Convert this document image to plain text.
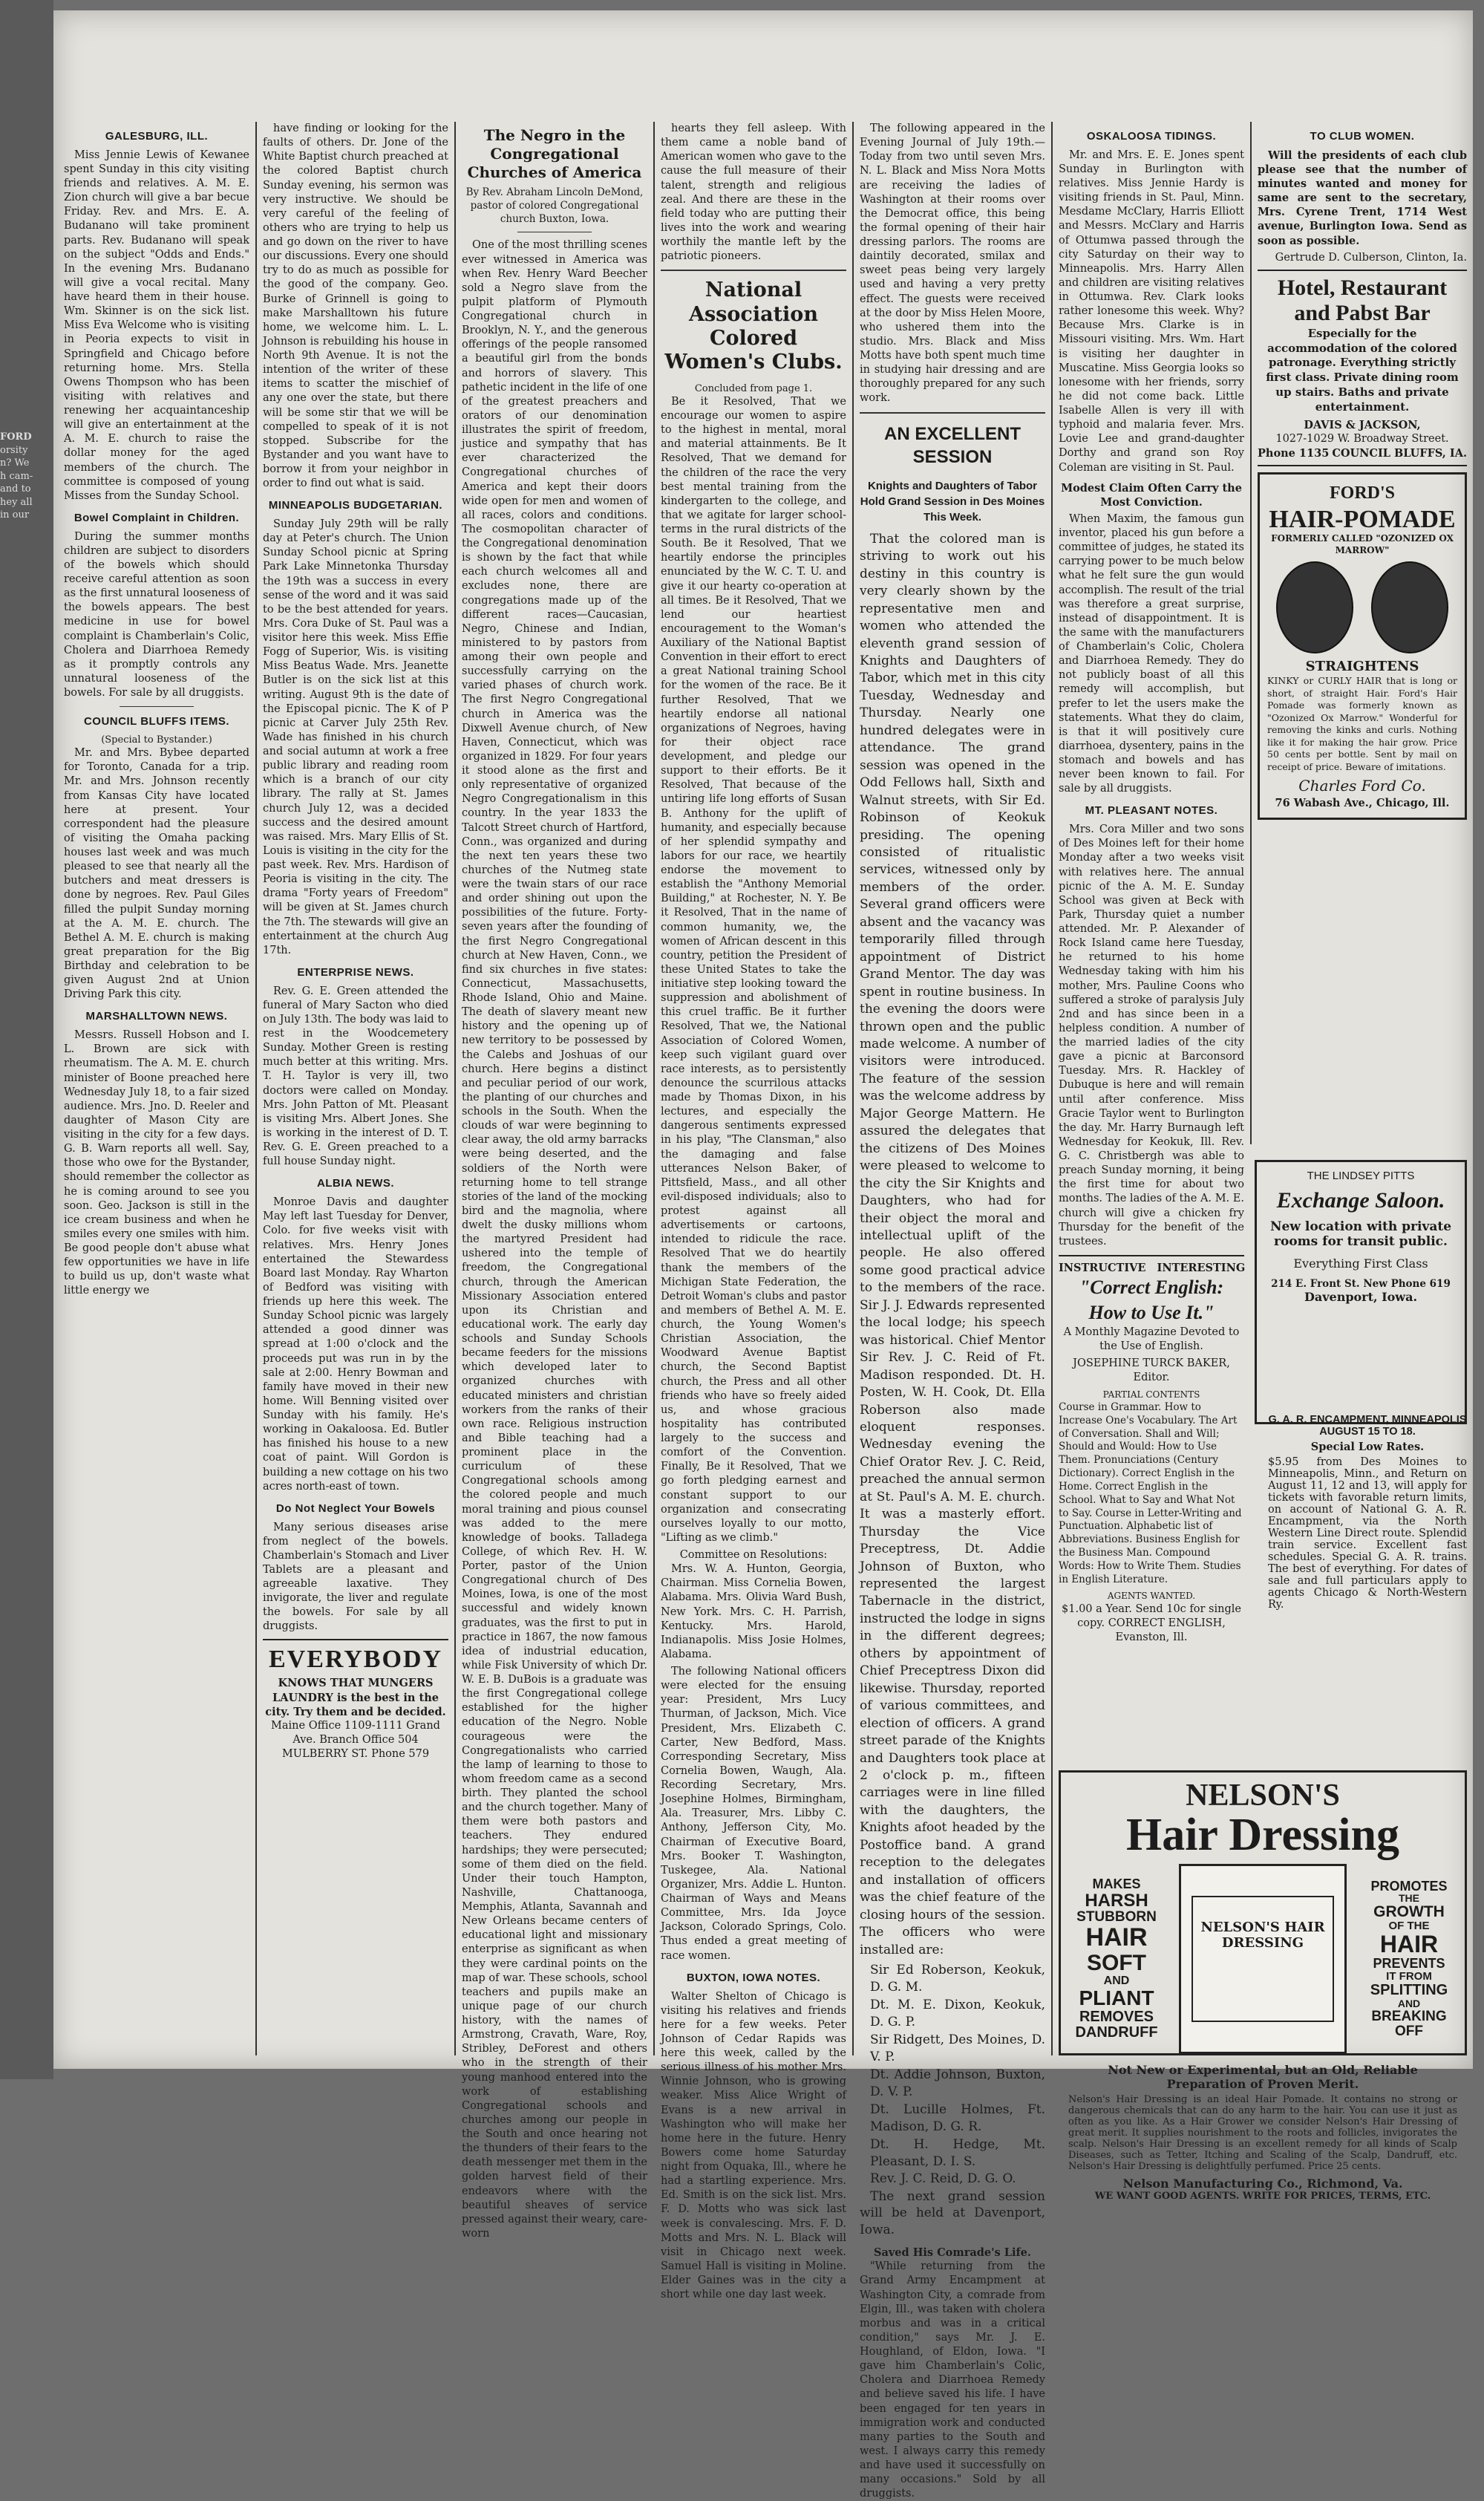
FORD
orsity
n? We
h cam-
and to
hey all
in our
GALESBURG, ILL.

Miss Jennie Lewis of Kewanee spent Sunday in this city visiting friends and relatives. A. M. E. Zion church will give a bar becue Friday. Rev. and Mrs. E. A. Budanano will take prominent parts. Rev. Budanano will speak on the subject "Odds and Ends." In the evening Mrs. Budanano will give a vocal recital. Many have heard them in their house. Wm. Skinner is on the sick list. Miss Eva Welcome who is visiting in Peoria expects to visit in Springfield and Chicago before returning home. Mrs. Stella Owens Thompson who has been visiting with relatives and renewing her acquaintanceship will give an entertainment at the A. M. E. church to raise the dollar money for the aged members of the church. The committee is composed of young Misses from the Sunday School.

Bowel Complaint in Children.

During the summer months children are subject to disorders of the bowels which should receive careful attention as soon as the first unnatural looseness of the bowels appears. The best medicine in use for bowel complaint is Chamberlain's Colic, Cholera and Diarrhoea Remedy as it promptly controls any unnatural looseness of the bowels. For sale by all druggists.

COUNCIL BLUFFS ITEMS.
(Special to Bystander.)

Mr. and Mrs. Bybee departed for Toronto, Canada for a trip. Mr. and Mrs. Johnson recently from Kansas City have located here at present. Your correspondent had the pleasure of visiting the Omaha packing houses last week and was much pleased to see that nearly all the butchers and meat dressers is done by negroes. Rev. Paul Giles filled the pulpit Sunday morning at the A. M. E. church. The Bethel A. M. E. church is making great preparation for the Big Birthday and celebration to be given August 2nd at Union Driving Park this city.

MARSHALLTOWN NEWS.

Messrs. Russell Hobson and I. L. Brown are sick with rheumatism. The A. M. E. church minister of Boone preached here Wednesday July 18, to a fair sized audience. Mrs. Jno. D. Reeler and daughter of Mason City are visiting in the city for a few days. G. B. Warn reports all well. Say, those who owe for the Bystander, should remember the collector as he is coming around to see you soon. Geo. Jackson is still in the ice cream business and when he smiles every one smiles with him. Be good people don't abuse what few opportunities we have in life to build us up, don't waste what little energy we

have finding or looking for the faults of others. Dr. Jone of the White Baptist church preached at the colored Baptist church Sunday evening, his sermon was very instructive. We should be very careful of the feeling of others who are trying to help us and go down on the river to have our discussions. Every one should try to do as much as possible for the good of the company. Geo. Burke of Grinnell is going to make Marshalltown his future home, we welcome him. L. L. Johnson is rebuilding his house in North 9th Avenue. It is not the intention of the writer of these items to scatter the mischief of any one over the state, but there will be some stir that we will be compelled to speak of it is not stopped. Subscribe for the Bystander and you want have to borrow it from your neighbor in order to find out what is said.

MINNEAPOLIS BUDGETARIAN.

Sunday July 29th will be rally day at Peter's church. The Union Sunday School picnic at Spring Park Lake Minnetonka Thursday the 19th was a success in every sense of the word and it was said to be the best attended for years. Mrs. Cora Duke of St. Paul was a visitor here this week. Miss Effie Fogg of Superior, Wis. is visiting Miss Beatus Wade. Mrs. Jeanette Butler is on the sick list at this writing. August 9th is the date of the Episcopal picnic. The K of P picnic at Carver July 25th Rev. Wade has finished in his church and social autumn at work a free public library and reading room which is a branch of our city library. The rally at St. James church July 12, was a decided success and the desired amount was raised. Mrs. Mary Ellis of St. Louis is visiting in the city for the past week. Rev. Mrs. Hardison of Peoria is visiting in the city. The drama "Forty years of Freedom" will be given at St. James church the 7th. The stewards will give an entertainment at the church Aug 17th.

ENTERPRISE NEWS.

Rev. G. E. Green attended the funeral of Mary Sacton who died on July 13th. The body was laid to rest in the Woodcemetery Sunday. Mother Green is resting much better at this writing. Mrs. T. H. Taylor is very ill, two doctors were called on Monday. Mrs. John Patton of Mt. Pleasant is visiting Mrs. Albert Jones. She is working in the interest of D. T. Rev. G. E. Green preached to a full house Sunday night.

ALBIA NEWS.

Monroe Davis and daughter May left last Tuesday for Denver, Colo. for five weeks visit with relatives. Mrs. Henry Jones entertained the Stewardess Board last Monday. Ray Wharton of Bedford was visiting with friends up here this week. The Sunday School picnic was largely attended a good dinner was spread at 1:00 o'clock and the proceeds put was run in by the sale at 2:00. Henry Bowman and family have moved in their new home. Will Benning visited over Sunday with his family. He's working in Oakaloosa. Ed. Butler has finished his house to a new coat of paint. Will Gordon is building a new cottage on his two acres north-east of town.

Do Not Neglect Your Bowels

Many serious diseases arise from neglect of the bowels. Chamberlain's Stomach and Liver Tablets are a pleasant and agreeable laxative. They invigorate, the liver and regulate the bowels. For sale by all druggists.

EVERYBODY
KNOWS THAT MUNGERS LAUNDRY is the best in the city. Try them and be decided.
Maine Office 1109-1111 Grand Ave. Branch Office 504 MULBERRY ST. Phone 579
The Negro in the Congregational Churches of America
By Rev. Abraham Lincoln DeMond, pastor of colored Congregational church Buxton, Iowa.

One of the most thrilling scenes ever witnessed in America was when Rev. Henry Ward Beecher sold a Negro slave from the pulpit platform of Plymouth Congregational church in Brooklyn, N. Y., and the generous offerings of the people ransomed a beautiful girl from the bonds and horrors of slavery. This pathetic incident in the life of one of the greatest preachers and orators of our denomination illustrates the spirit of freedom, justice and sympathy that has ever characterized the Congregational churches of America and kept their doors wide open for men and women of all races, colors and conditions. The cosmopolitan character of the Congregational denomination is shown by the fact that while each church welcomes all and excludes none, there are congregations made up of the different races—Caucasian, Negro, Chinese and Indian, ministered to by pastors from among their own people and successfully carrying on the varied phases of church work. The first Negro Congregational church in America was the Dixwell Avenue church, of New Haven, Connecticut, which was organized in 1829. For four years it stood alone as the first and only representative of organized Negro Congregationalism in this country. In the year 1833 the Talcott Street church of Hartford, Conn., was organized and during the next ten years these two churches of the Nutmeg state were the twain stars of our race and order shining out upon the possibilities of the future. Forty-seven years after the founding of the first Negro Congregational church at New Haven, Conn., we find six churches in five states: Connecticut, Massachusetts, Rhode Island, Ohio and Maine. The death of slavery meant new history and the opening up of new territory to be possessed by the Calebs and Joshuas of our church. Here begins a distinct and peculiar period of our work, the planting of our churches and schools in the South. When the clouds of war were beginning to clear away, the old army barracks were being deserted, and the soldiers of the North were returning home to tell strange stories of the land of the mocking bird and the magnolia, where dwelt the dusky millions whom the martyred President had ushered into the temple of freedom, the Congregational church, through the American Missionary Association entered upon its Christian and educational work. The early day schools and Sunday Schools became feeders for the missions which developed later to organized churches with educated ministers and christian workers from the ranks of their own race. Religious instruction and Bible teaching had a prominent place in the curriculum of these Congregational schools among the colored people and much moral training and pious counsel was added to the mere knowledge of books. Talladega College, of which Rev. H. W. Porter, pastor of the Union Congregational church of Des Moines, Iowa, is one of the most successful and widely known graduates, was the first to put in practice in 1867, the now famous idea of industrial education, while Fisk University of which Dr. W. E. B. DuBois is a graduate was the first Congregational college established for the higher education of the Negro. Noble courageous were the Congregationalists who carried the lamp of learning to those to whom freedom came as a second birth. They planted the school and the church together. Many of them were both pastors and teachers. They endured hardships; they were persecuted; some of them died on the field. Under their touch Hampton, Nashville, Chattanooga, Memphis, Atlanta, Savannah and New Orleans became centers of educational light and missionary enterprise as significant as when they were cardinal points on the map of war. These schools, school teachers and pupils make an unique page of our church history, with the names of Armstrong, Cravath, Ware, Roy, Stribley, DeForest and others who in the strength of their young manhood entered into the work of establishing Congregational schools and churches among our people in the South and once hearing not the thunders of their fears to the death messenger met them in the golden harvest field of their endeavors where with the beautiful sheaves of service pressed against their weary, care-worn

hearts they fell asleep. With them came a noble band of American women who gave to the cause the full measure of their talent, strength and religious zeal. And there are these in the field today who are putting their lives into the work and wearing worthily the mantle left by the patriotic pioneers.

National Association Colored Women's Clubs.
Concluded from page 1.

Be it Resolved, That we encourage our women to aspire to the highest in mental, moral and material attainments. Be It Resolved, That we demand for the children of the race the very best mental training from the kindergarten to the college, and that we agitate for larger school-terms in the rural districts of the South. Be it Resolved, That we heartily endorse the principles enunciated by the W. C. T. U. and give it our hearty co-operation at all times. Be it Resolved, That we lend our heartiest encouragement to the Woman's Auxiliary of the National Baptist Convention in their effort to erect a great National training School for the women of the race. Be it further Resolved, That we heartily endorse all national organizations of Negroes, having for their object race development, and pledge our support to their efforts. Be it Resolved, That because of the untiring life long efforts of Susan B. Anthony for the uplift of humanity, and especially because of her splendid sympathy and labors for our race, we heartily endorse the movement to establish the "Anthony Memorial Building," at Rochester, N. Y. Be it Resolved, That in the name of common humanity, we, the women of African descent in this country, petition the President of these United States to take the initiative step looking toward the suppression and abolishment of this cruel traffic. Be it further Resolved, That we, the National Association of Colored Women, keep such vigilant guard over race interests, as to persistently denounce the scurrilous attacks made by Thomas Dixon, in his lectures, and especially the dangerous sentiments expressed in his play, "The Clansman," also the damaging and false utterances Nelson Baker, of Pittsfield, Mass., and all other evil-disposed individuals; also to protest against all advertisements or cartoons, intended to ridicule the race. Resolved That we do heartily thank the members of the Michigan State Federation, the Detroit Woman's clubs and pastor and members of Bethel A. M. E. church, the Young Women's Christian Association, the Woodward Avenue Baptist church, the Second Baptist church, the Press and all other friends who have so freely aided us, and whose gracious hospitality has contributed largely to the success and comfort of the Convention. Finally, Be it Resolved, That we go forth pledging earnest and constant support to our organization and consecrating ourselves loyally to our motto, "Lifting as we climb."

Committee on Resolutions:

Mrs. W. A. Hunton, Georgia, Chairman. Miss Cornelia Bowen, Alabama. Mrs. Olivia Ward Bush, New York. Mrs. C. H. Parrish, Kentucky. Mrs. Harold, Indianapolis. Miss Josie Holmes, Alabama.

The following National officers were elected for the ensuing year: President, Mrs Lucy Thurman, of Jackson, Mich. Vice President, Mrs. Elizabeth C. Carter, New Bedford, Mass. Corresponding Secretary, Miss Cornelia Bowen, Waugh, Ala. Recording Secretary, Mrs. Josephine Holmes, Birmingham, Ala. Treasurer, Mrs. Libby C. Anthony, Jefferson City, Mo. Chairman of Executive Board, Mrs. Booker T. Washington, Tuskegee, Ala. National Organizer, Mrs. Addie L. Hunton. Chairman of Ways and Means Committee, Mrs. Ida Joyce Jackson, Colorado Springs, Colo. Thus ended a great meeting of race women.

BUXTON, IOWA NOTES.

Walter Shelton of Chicago is visiting his relatives and friends here for a few weeks. Peter Johnson of Cedar Rapids was here this week, called by the serious illness of his mother Mrs. Winnie Johnson, who is growing weaker. Miss Alice Wright of Evans is a new arrival in Washington who will make her home here in the future. Henry Bowers come home Saturday night from Oquaka, Ill., where he had a startling experience. Mrs. Ed. Smith is on the sick list. Mrs. F. D. Motts who was sick last week is convalescing. Mrs. F. D. Motts and Mrs. N. L. Black will visit in Chicago next week. Samuel Hall is visiting in Moline. Elder Gaines was in the city a short while one day last week.

The following appeared in the Evening Journal of July 19th.—Today from two until seven Mrs. N. L. Black and Miss Nora Motts are receiving the ladies of Washington at their rooms over the Democrat office, this being the formal opening of their hair dressing parlors. The rooms are daintily decorated, smilax and sweet peas being very largely used and having a very pretty effect. The guests were received at the door by Miss Helen Moore, who ushered them into the studio. Mrs. Black and Miss Motts have both spent much time in studying hair dressing and are thoroughly prepared for any such work.

AN EXCELLENT SESSION
Knights and Daughters of Tabor Hold Grand Session in Des Moines This Week.

That the colored man is striving to work out his destiny in this country is very clearly shown by the representative men and women who attended the eleventh grand session of Knights and Daughters of Tabor, which met in this city Tuesday, Wednesday and Thursday. Nearly one hundred delegates were in attendance. The grand session was opened in the Odd Fellows hall, Sixth and Walnut streets, with Sir Ed. Robinson of Keokuk presiding. The opening consisted of ritualistic services, witnessed only by members of the order. Several grand officers were absent and the vacancy was temporarily filled through appointment of District Grand Mentor. The day was spent in routine business. In the evening the doors were thrown open and the public made welcome. A number of visitors were introduced. The feature of the session was the welcome address by Major George Mattern. He assured the delegates that the citizens of Des Moines were pleased to welcome to the city the Sir Knights and Daughters, who had for their object the moral and intellectual uplift of the people. He also offered some good practical advice to the members of the race. Sir J. J. Edwards represented the local lodge; his speech was historical. Chief Mentor Sir Rev. J. C. Reid of Ft. Madison responded. Dt. H. Posten, W. H. Cook, Dt. Ella Roberson also made eloquent responses. Wednesday evening the Chief Orator Rev. J. C. Reid, preached the annual sermon at St. Paul's A. M. E. church. It was a masterly effort. Thursday the Vice Preceptress, Dt. Addie Johnson of Buxton, who represented the largest Tabernacle in the district, instructed the lodge in signs in the different degrees; others by appointment of Chief Preceptress Dixon did likewise. Thursday, reported of various committees, and election of officers. A grand street parade of the Knights and Daughters took place at 2 o'clock p. m., fifteen carriages were in line filled with the daughters, the Knights afoot headed by the Postoffice band. A grand reception to the delegates and installation of officers was the chief feature of the closing hours of the session. The officers who were installed are:

Sir Ed Roberson, Keokuk, D. G. M.
Dt. M. E. Dixon, Keokuk, D. G. P.
Sir Ridgett, Des Moines, D. V. P.
Dt. Addie Johnson, Buxton, D. V. P.
Dt. Lucille Holmes, Ft. Madison, D. G. R.
Dt. H. Hedge, Mt. Pleasant, D. I. S.
Rev. J. C. Reid, D. G. O.

The next grand session will be held at Davenport, Iowa.

Saved His Comrade's Life.

"While returning from the Grand Army Encampment at Washington City, a comrade from Elgin, Ill., was taken with cholera morbus and was in a critical condition," says Mr. J. E. Houghland, of Eldon, Iowa. "I gave him Chamberlain's Colic, Cholera and Diarrhoea Remedy and believe saved his life. I have been engaged for ten years in immigration work and conducted many parties to the South and west. I always carry this remedy and have used it successfully on many occasions." Sold by all druggists.

OSKALOOSA TIDINGS.

Mr. and Mrs. E. E. Jones spent Sunday in Burlington with relatives. Miss Jennie Hardy is visiting friends in St. Paul, Minn. Mesdame McClary, Harris Elliott and Messrs. McClary and Harris of Ottumwa passed through the city Saturday on their way to Minneapolis. Mrs. Harry Allen and children are visiting relatives in Ottumwa. Rev. Clark looks rather lonesome this week. Why? Because Mrs. Clarke is in Missouri visiting. Mrs. Wm. Hart is visiting her daughter in Muscatine. Miss Georgia looks so lonesome with her friends, sorry he did not come back. Little Isabelle Allen is very ill with typhoid and malaria fever. Mrs. Lovie Lee and grand-daughter Dorthy and grand son Roy Coleman are visiting in St. Paul.

Modest Claim Often Carry the Most Conviction.

When Maxim, the famous gun inventor, placed his gun before a committee of judges, he stated its carrying power to be much below what he felt sure the gun would accomplish. The result of the trial was therefore a great surprise, instead of disappointment. It is the same with the manufacturers of Chamberlain's Colic, Cholera and Diarrhoea Remedy. They do not publicly boast of all this remedy will accomplish, but prefer to let the users make the statements. What they do claim, is that it will positively cure diarrhoea, dysentery, pains in the stomach and bowels and has never been known to fail. For sale by all druggists.

MT. PLEASANT NOTES.

Mrs. Cora Miller and two sons of Des Moines left for their home Monday after a two weeks visit with relatives here. The annual picnic of the A. M. E. Sunday School was given at Beck with Park, Thursday quiet a number attended. Mr. P. Alexander of Rock Island came here Tuesday, he returned to his home Wednesday taking with him his mother, Mrs. Pauline Coons who suffered a stroke of paralysis July 2nd and has since been in a helpless condition. A number of the married ladies of the city gave a picnic at Barconsord Tuesday. Mrs. R. Hackley of Dubuque is here and will remain until after conference. Miss Gracie Taylor went to Burlington the day. Mr. Harry Burnaugh left Wednesday for Keokuk, Ill. Rev. G. C. Christbergh was able to preach Sunday morning, it being the first time for about two months. The ladies of the A. M. E. church will give a chicken fry Thursday for the benefit of the trustees.

INSTRUCTIVE   INTERESTING
"Correct English: How to Use It."
A Monthly Magazine Devoted to the Use of English.
JOSEPHINE TURCK BAKER, Editor.
PARTIAL CONTENTS
Course in Grammar. How to Increase One's Vocabulary. The Art of Conversation. Shall and Will; Should and Would: How to Use Them. Pronunciations (Century Dictionary). Correct English in the Home. Correct English in the School. What to Say and What Not to Say. Course in Letter-Writing and Punctuation. Alphabetic list of Abbreviations. Business English for the Business Man. Compound Words: How to Write Them. Studies in English Literature.
AGENTS WANTED.
$1.00 a Year. Send 10c for single copy. CORRECT ENGLISH, Evanston, Ill.
TO CLUB WOMEN.

Will the presidents of each club please see that the number of minutes wanted and money for same are sent to the secretary, Mrs. Cyrene Trent, 1714 West avenue, Burlington Iowa. Send as soon as possible.

Gertrude D. Culberson, Clinton, Ia.
Hotel, Restaurant and Pabst Bar
Especially for the accommodation of the colored patronage. Everything strictly first class. Private dining room up stairs. Baths and private entertainment.
DAVIS & JACKSON,
1027-1029 W. Broadway Street.
Phone 1135 COUNCIL BLUFFS, IA.
FORD'S
HAIR-POMADE
FORMERLY CALLED "OZONIZED OX MARROW"
STRAIGHTENS
KINKY or CURLY HAIR that is long or short, of straight Hair. Ford's Hair Pomade was formerly known as "Ozonized Ox Marrow." Wonderful for removing the kinks and curls. Nothing like it for making the hair grow. Price 50 cents per bottle. Sent by mail on receipt of price. Beware of imitations.
Charles Ford Co.
76 Wabash Ave., Chicago, Ill.
THE LINDSEY PITTS
Exchange Saloon.
New location with private rooms for transit public.
Everything First Class
214 E. Front St. New Phone 619
Davenport, Iowa.
G. A. R. ENCAMPMENT, MINNEAPOLIS AUGUST 15 TO 18.
Special Low Rates.
$5.95 from Des Moines to Minneapolis, Minn., and Return on August 11, 12 and 13, will apply for tickets with favorable return limits, on account of National G. A. R. Encampment, via the North Western Line Direct route. Splendid train service. Excellent fast schedules. Special G. A. R. trains. The best of everything. For dates of sale and full particulars apply to agents Chicago & North-Western Ry.
NELSON'S
Hair Dressing
MAKES
HARSH
STUBBORN
HAIR
SOFT
AND
PLIANT
REMOVES
DANDRUFF
NELSON'S HAIR DRESSING
PROMOTES
THE
GROWTH
OF THE
HAIR
PREVENTS
IT FROM
SPLITTING
AND
BREAKING
OFF
Not New or Experimental, but an Old, Reliable Preparation of Proven Merit.
Nelson's Hair Dressing is an ideal Hair Pomade. It contains no strong or dangerous chemicals that can do any harm to the hair. You can use it just as often as you like. As a Hair Grower we consider Nelson's Hair Dressing of great merit. It supplies nourishment to the roots and follicles, invigorates the scalp. Nelson's Hair Dressing is an excellent remedy for all kinds of Scalp Diseases, such as Tetter, Itching and Scaling of the Scalp, Dandruff, etc. Nelson's Hair Dressing is delightfully perfumed. Price 25 cents.
Nelson Manufacturing Co., Richmond, Va.
WE WANT GOOD AGENTS. WRITE FOR PRICES, TERMS, ETC.
